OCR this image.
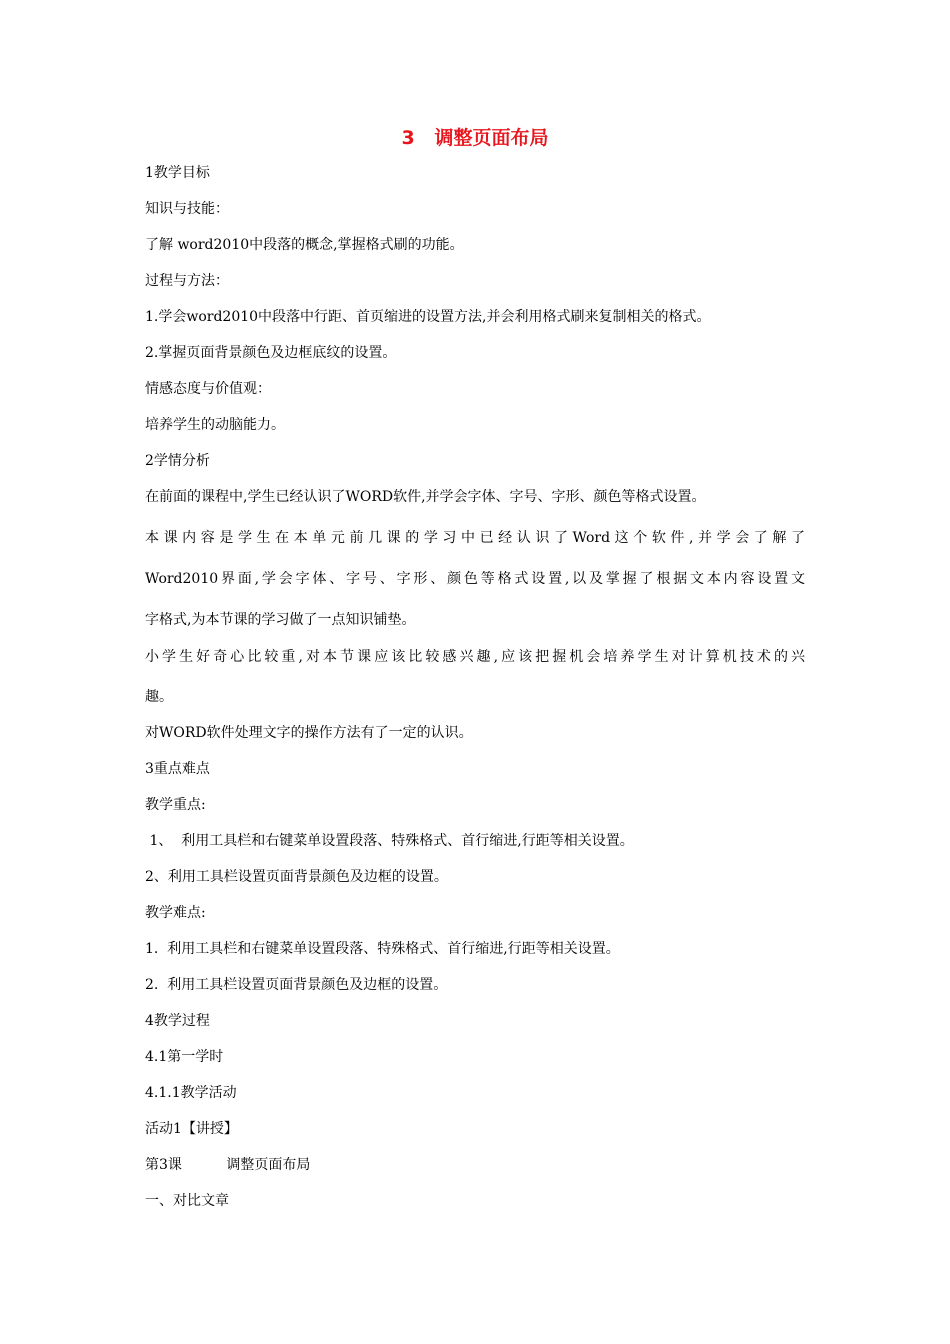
3   调整页面布局
1教学目标
知识与技能：
了解 word2010中段落的概念,掌握格式刷的功能。
过程与方法：
1.学会word2010中段落中行距、首页缩进的设置方法,并会利用格式刷来复制相关的格式。
2.掌握页面背景颜色及边框底纹的设置。
情感态度与价值观：
培养学生的动脑能力。
2学情分析
在前面的课程中,学生已经认识了WORD软件,并学会字体、字号、字形、颜色等格式设置。
本课内容是学生在本单元前几课的学习中已经认识了Word这个软件,并学会了解了
Word2010界面,学会字体、字号、字形、颜色等格式设置,以及掌握了根据文本内容设置文
字格式,为本节课的学习做了一点知识铺垫。
小学生好奇心比较重,对本节课应该比较感兴趣,应该把握机会培养学生对计算机技术的兴
趣。
对WORD软件处理文字的操作方法有了一定的认识。
3重点难点
教学重点:
1、  利用工具栏和右键菜单设置段落、特殊格式、首行缩进,行距等相关设置。
2、利用工具栏设置页面背景颜色及边框的设置。
教学难点:
1.  利用工具栏和右键菜单设置段落、特殊格式、首行缩进,行距等相关设置。
2.  利用工具栏设置页面背景颜色及边框的设置。
4教学过程
4.1第一学时
4.1.1教学活动
活动1【讲授】
第3课          调整页面布局
一、对比文章
